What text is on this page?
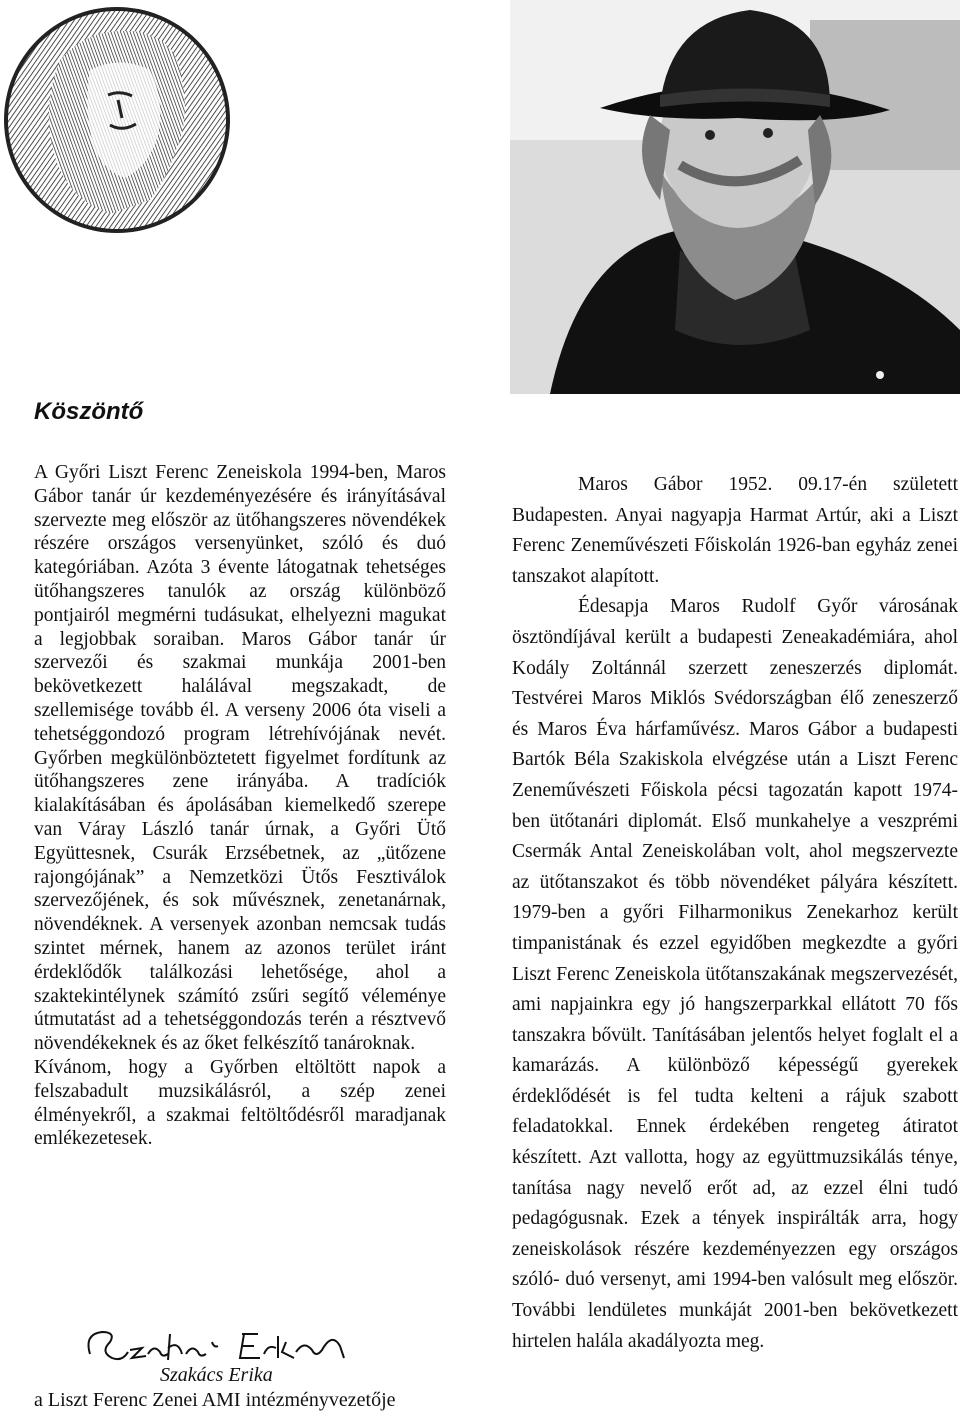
Köszöntő

A Győri Liszt Ferenc Zeneiskola 1994-ben, Maros Gábor tanár úr kezdeményezésére és irányításával szervezte meg először az ütőhangszeres növendékek részére országos versenyünket, szóló és duó kategóriában. Azóta 3 évente látogatnak tehetséges ütőhangszeres tanulók az ország különböző pontjairól megmérni tudásukat, elhelyezni magukat a legjobbak soraiban. Maros Gábor tanár úr szervezői és szakmai munkája 2001-ben bekövetkezett halálával megszakadt, de szellemisége tovább él. A verseny 2006 óta viseli a tehetséggondozó program létrehívójának nevét. Győrben megkülönböztetett figyelmet fordítunk az ütőhangszeres zene irányába. A tradíciók kialakításában és ápolásában kiemelkedő szerepe van Váray László tanár úrnak, a Győri Ütő Együttesnek, Csurák Erzsébetnek, az „ütőzene rajongójának” a Nemzetközi Ütős Fesztiválok szervezőjének, és sok művésznek, zenetanárnak, növendéknek. A versenyek azonban nemcsak tudás szintet mérnek, hanem az azonos terület iránt érdeklődők találkozási lehetősége, ahol a szaktekintélynek számító zsűri segítő véleménye útmutatást ad a tehetséggondozás terén a résztvevő növendékeknek és az őket felkészítő tanároknak.

Kívánom, hogy a Győrben eltöltött napok a felszabadult muzsikálásról, a szép zenei élményekről, a szakmai feltöltődésről maradjanak emlékezetesek.

Szakács Erika
a Liszt Ferenc Zenei AMI intézményvezetője

Maros Gábor 1952. 09.17-én született Budapesten. Anyai nagyapja Harmat Artúr, aki a Liszt Ferenc Zeneművészeti Főiskolán 1926-ban egyház zenei tanszakot alapított.

Édesapja Maros Rudolf Győr városának ösztöndíjával került a budapesti Zeneakadémiára, ahol Kodály Zoltánnál szerzett zeneszerzés diplomát. Testvérei Maros Miklós Svédországban élő zeneszerző és Maros Éva hárfaművész. Maros Gábor a budapesti Bartók Béla Szakiskola elvégzése után a Liszt Ferenc Zeneművészeti Főiskola pécsi tagozatán kapott 1974-ben ütőtanári diplomát. Első munkahelye a veszprémi Csermák Antal Zeneiskolában volt, ahol megszervezte az ütőtanszakot és több növendéket pályára készített. 1979-ben a győri Filharmonikus Zenekarhoz került timpanistának és ezzel egyidőben megkezdte a győri Liszt Ferenc Zeneiskola ütőtanszakának megszervezését, ami napjainkra egy jó hangszerparkkal ellátott 70 fős tanszakra bővült. Tanításában jelentős helyet foglalt el a kamarázás. A különböző képességű gyerekek érdeklődését is fel tudta kelteni a rájuk szabott feladatokkal. Ennek érdekében rengeteg átiratot készített. Azt vallotta, hogy az együttmuzsikálás ténye, tanítása nagy nevelő erőt ad, az ezzel élni tudó pedagógusnak. Ezek a tények inspirálták arra, hogy zeneiskolások részére kezdeményezzen egy országos szóló- duó versenyt, ami 1994-ben valósult meg először. További lendületes munkáját 2001-ben bekövetkezett hirtelen halála akadályozta meg.
